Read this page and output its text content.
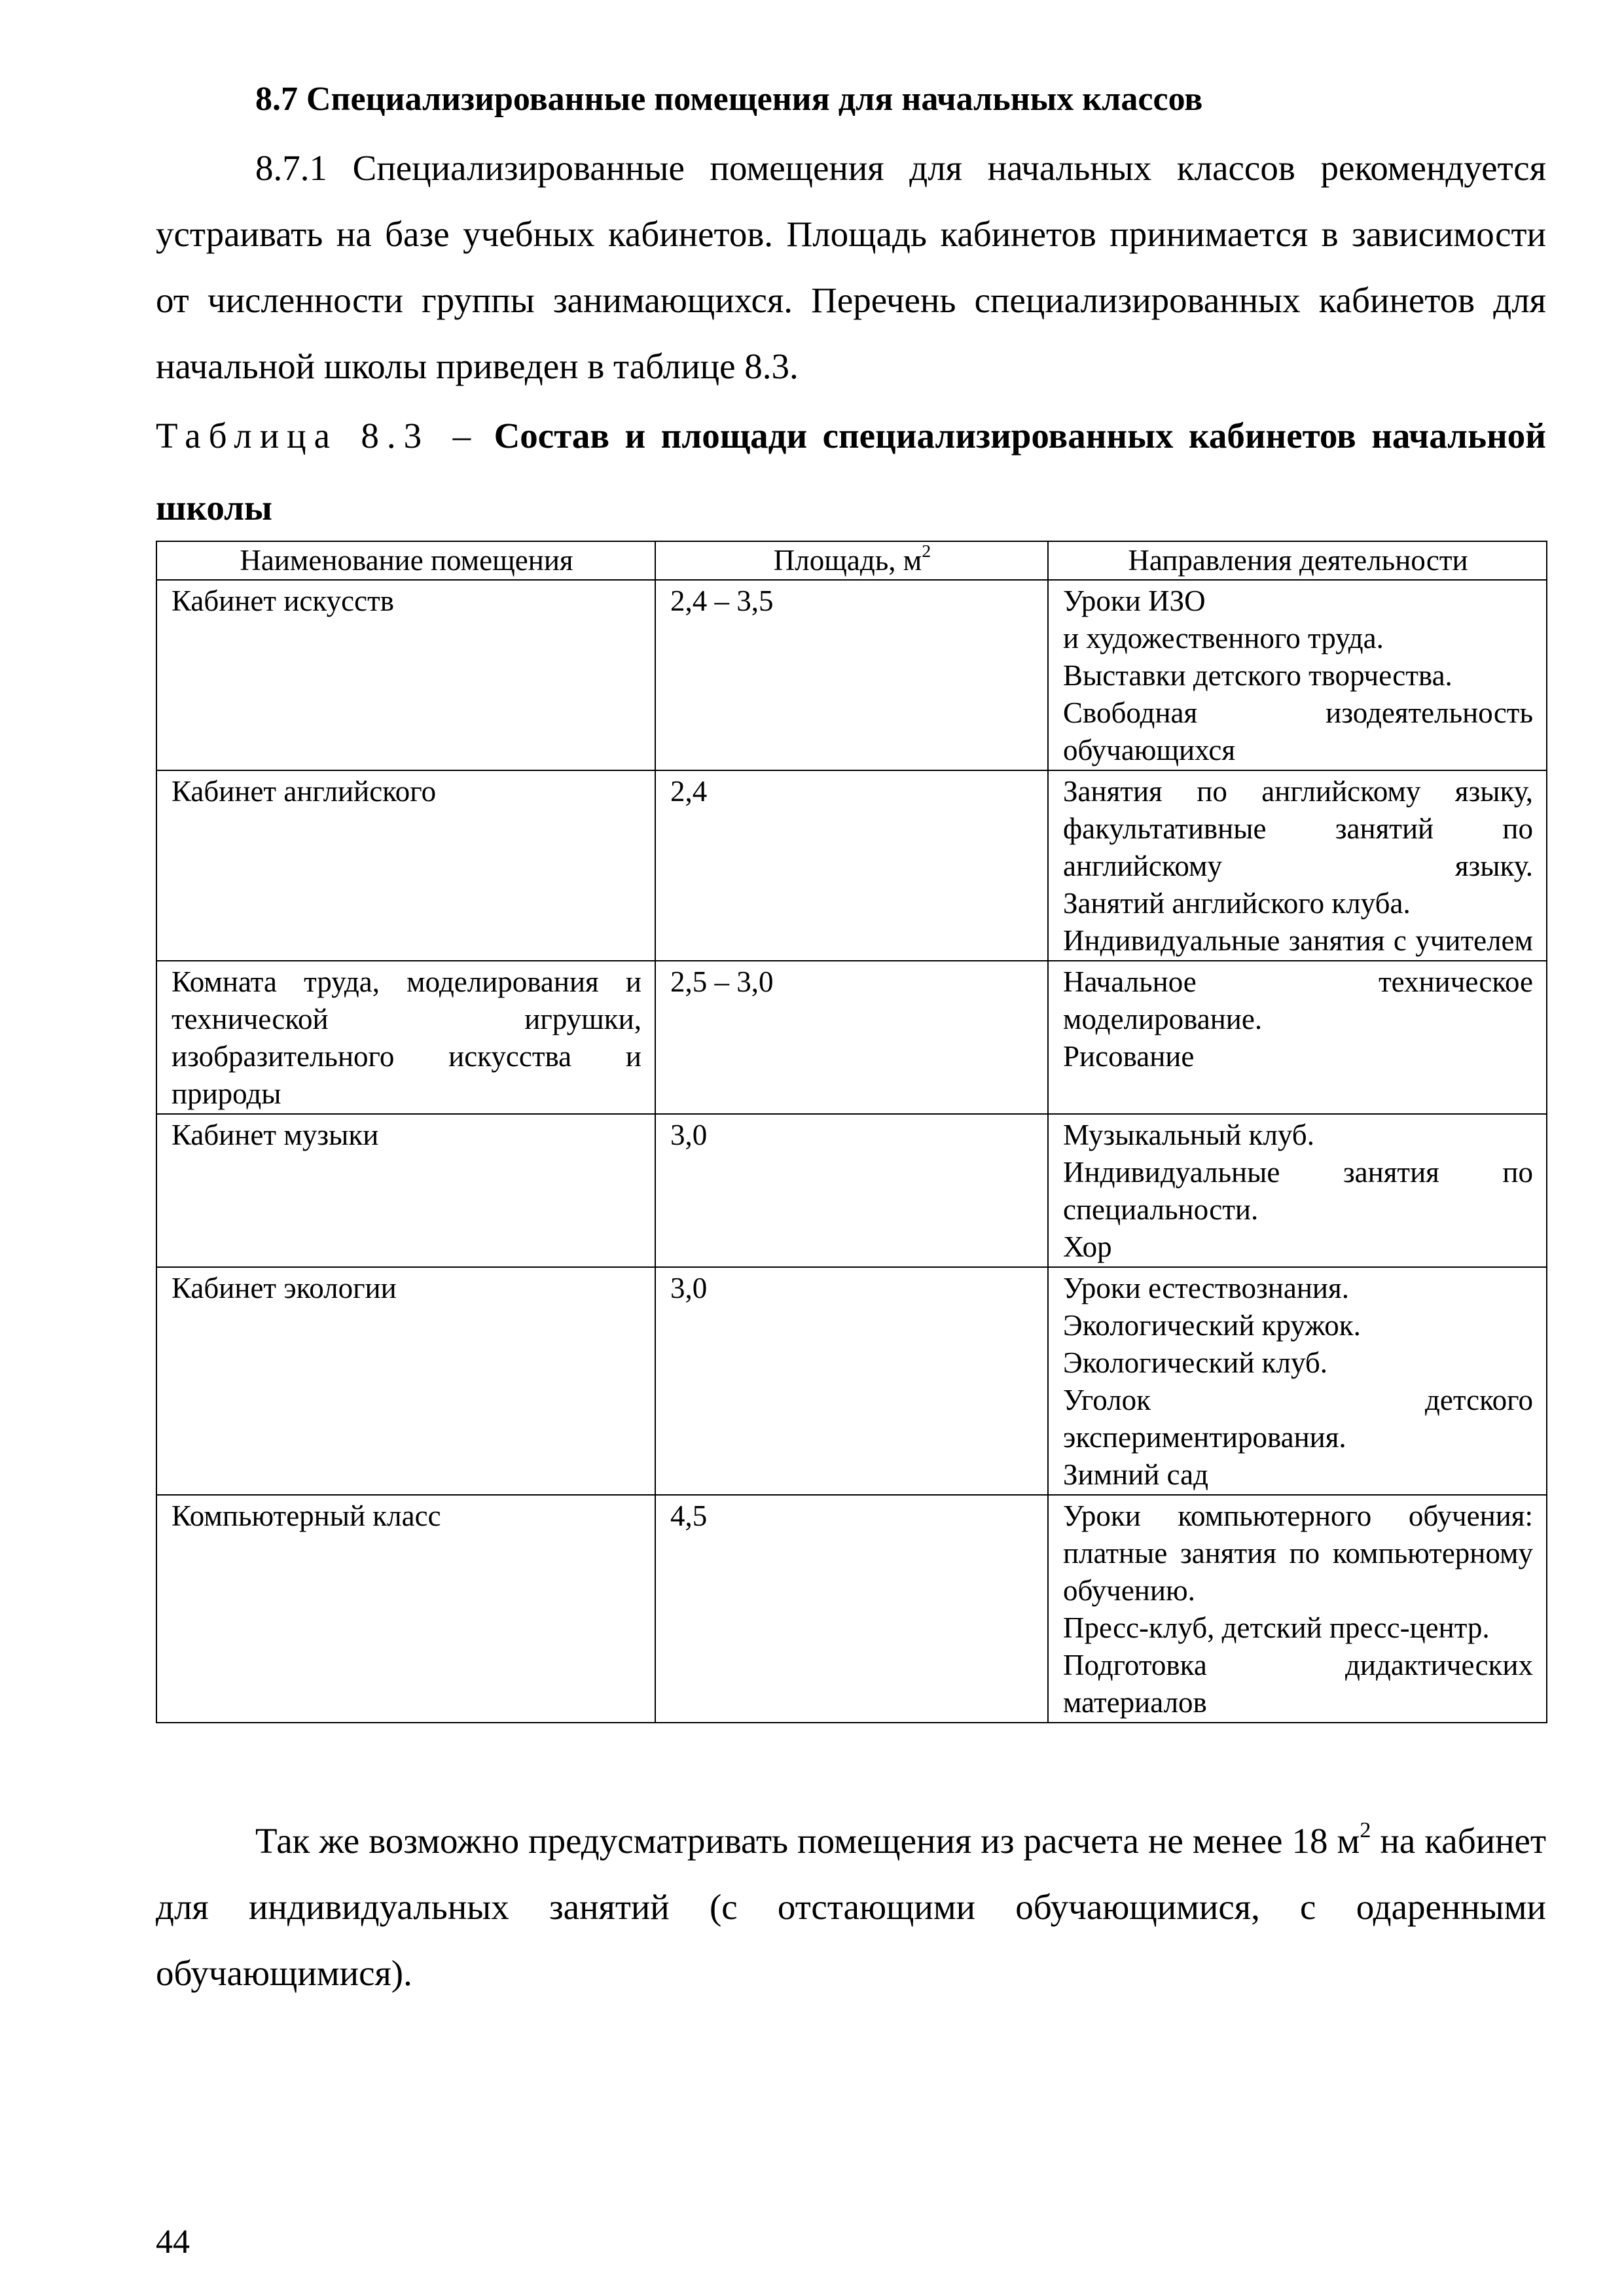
8.7 Специализированные помещения для начальных классов

8.7.1 Специализированные помещения для начальных классов рекомендуется устраивать на базе учебных кабинетов. Площадь кабинетов принимается в зависимости от численности группы занимающихся. Перечень специализированных кабинетов для начальной школы приведен в таблице 8.3.

Таблица 8.3 – Состав и площади специализированных кабинетов начальной школы

Наименование помещения	Площадь, $м^2$	Направления деятельности
Кабинет искусств	2,4 – 3,5	Уроки ИЗО
и художественного труда.
Выставки детского творчества.
Свободная изодеятельность обучающихся

Кабинет английского	2,4	Занятия по английскому языку, факультативные занятий по английскому языку.
Занятий английского клуба.
Индивидуальные занятия с учителем

Комната труда, моделирования и технической игрушки, изобразительного искусства и природы	2,5 – 3,0	Начальное техническое моделирование.
Рисование

Кабинет музыки	3,0	Музыкальный клуб.
Индивидуальные занятия по специальности.
Хор

Кабинет экологии	3,0	Уроки естествознания.
Экологический кружок.
Экологический клуб.
Уголок детского экспериментирования.
Зимний сад

Компьютерный класс	4,5	Уроки компьютерного обучения: платные занятия по компьютерному обучению.
Пресс-клуб, детский пресс-центр.
Подготовка дидактических материалов

Так же возможно предусматривать помещения из расчета не менее 18 $м^2$ на кабинет для индивидуальных занятий (с отстающими обучающимися, с одаренными обучающимися).

44
